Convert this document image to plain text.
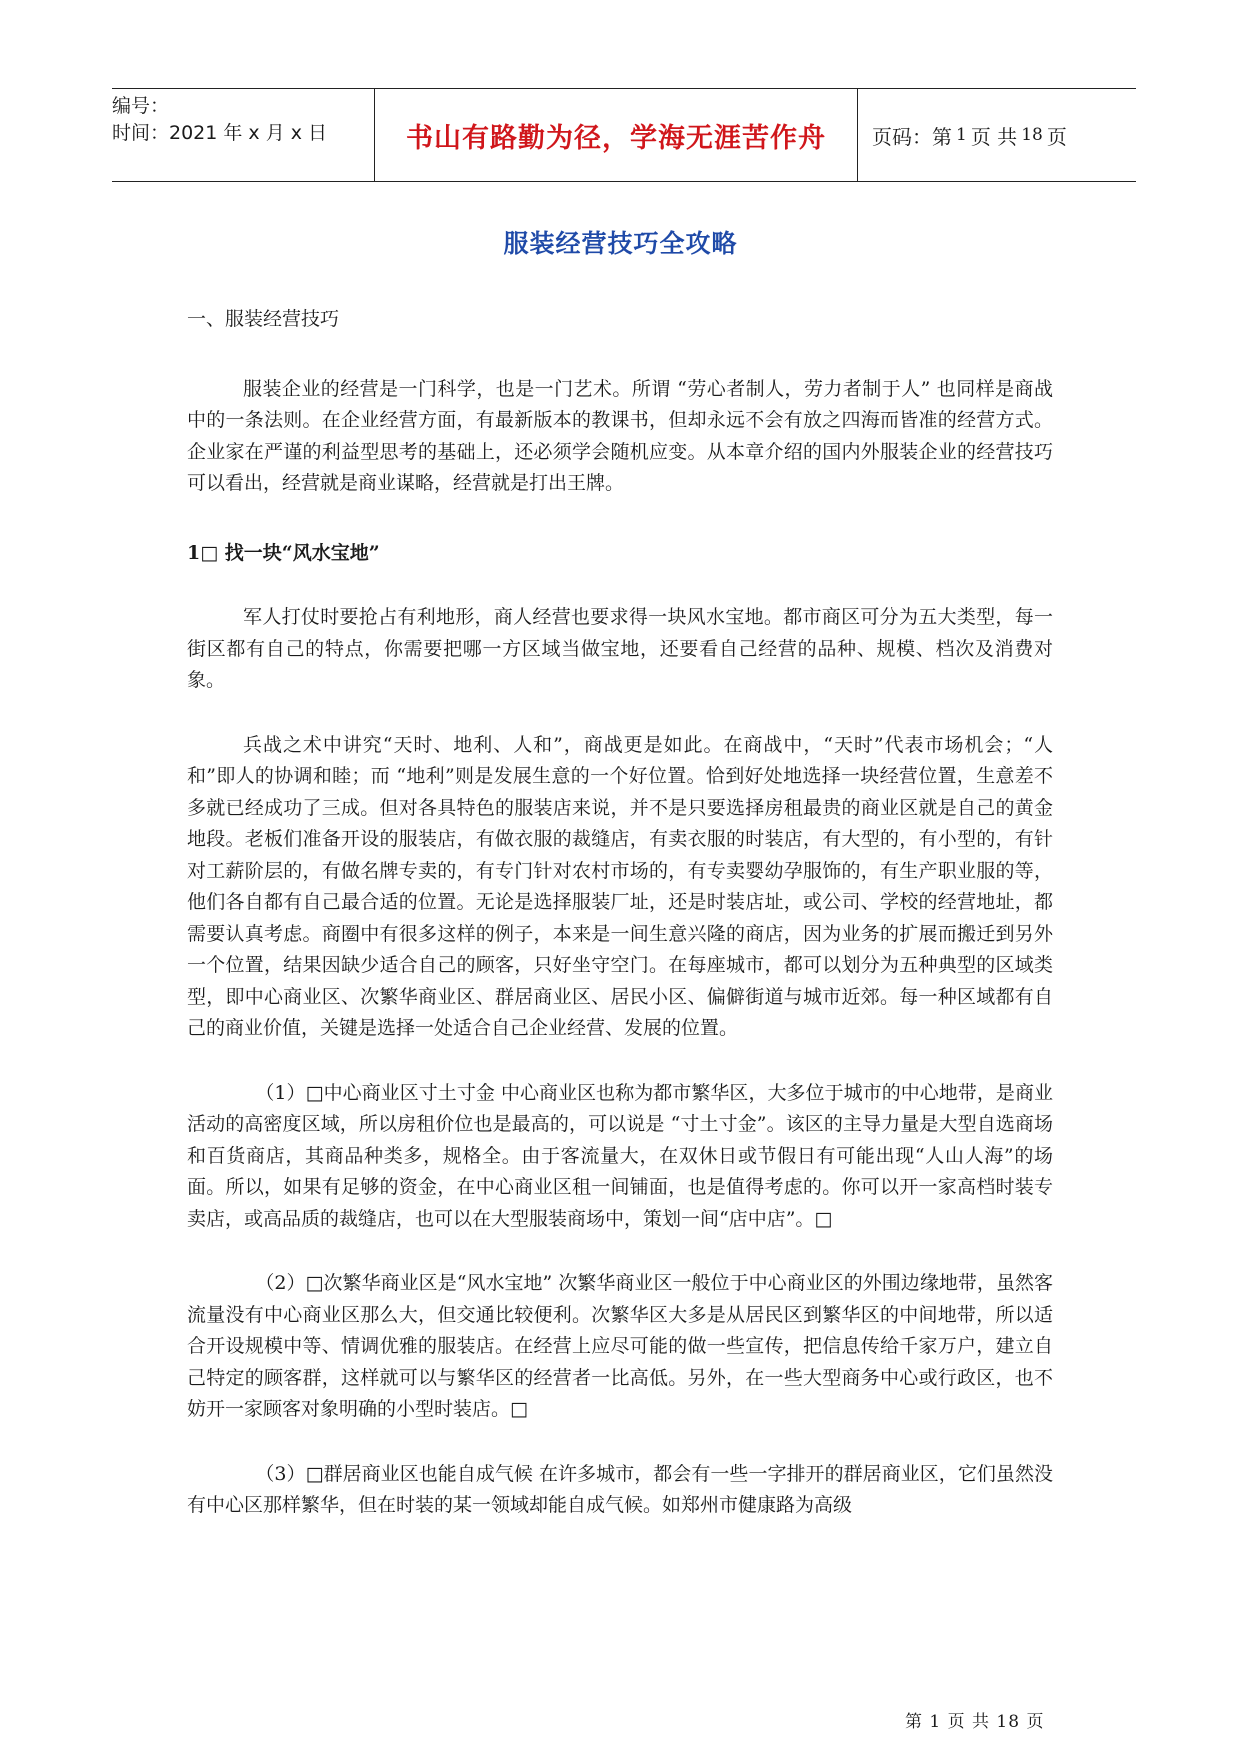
编号：
时间：2021 年 x 月 x 日	书山有路勤为径，学海无涯苦作舟	页码：第 1 页 共 18 页
服装经营技巧全攻略

一、服装经营技巧

服装企业的经营是一门科学，也是一门艺术。所谓 “劳心者制人，劳力者制于人” 也同样是商战中的一条法则。在企业经营方面，有最新版本的教课书，但却永远不会有放之四海而皆准的经营方式。企业家在严谨的利益型思考的基础上，还必须学会随机应变。从本章介绍的国内外服装企业的经营技巧可以看出，经营就是商业谋略，经营就是打出王牌。

1□ 找一块“风水宝地”

军人打仗时要抢占有利地形，商人经营也要求得一块风水宝地。都市商区可分为五大类型，每一街区都有自己的特点，你需要把哪一方区域当做宝地，还要看自己经营的品种、规模、档次及消费对象。

兵战之术中讲究“天时、地利、人和”，商战更是如此。在商战中，“天时”代表市场机会；“人和”即人的协调和睦；而 “地利”则是发展生意的一个好位置。恰到好处地选择一块经营位置，生意差不多就已经成功了三成。但对各具特色的服装店来说，并不是只要选择房租最贵的商业区就是自己的黄金地段。老板们准备开设的服装店，有做衣服的裁缝店，有卖衣服的时装店，有大型的，有小型的，有针对工薪阶层的，有做名牌专卖的，有专门针对农村市场的，有专卖婴幼孕服饰的，有生产职业服的等，他们各自都有自己最合适的位置。无论是选择服装厂址，还是时装店址，或公司、学校的经营地址，都需要认真考虑。商圈中有很多这样的例子，本来是一间生意兴隆的商店，因为业务的扩展而搬迁到另外一个位置，结果因缺少适合自己的顾客，只好坐守空门。在每座城市，都可以划分为五种典型的区域类型，即中心商业区、次繁华商业区、群居商业区、居民小区、偏僻街道与城市近郊。每一种区域都有自己的商业价值，关键是选择一处适合自己企业经营、发展的位置。

（1）□中心商业区寸土寸金 中心商业区也称为都市繁华区，大多位于城市的中心地带，是商业活动的高密度区域，所以房租价位也是最高的，可以说是 “寸土寸金”。该区的主导力量是大型自选商场和百货商店，其商品种类多，规格全。由于客流量大，在双休日或节假日有可能出现“人山人海”的场面。所以，如果有足够的资金，在中心商业区租一间铺面，也是值得考虑的。你可以开一家高档时装专卖店，或高品质的裁缝店，也可以在大型服装商场中，策划一间“店中店”。□

（2）□次繁华商业区是“风水宝地” 次繁华商业区一般位于中心商业区的外围边缘地带，虽然客流量没有中心商业区那么大，但交通比较便利。次繁华区大多是从居民区到繁华区的中间地带，所以适合开设规模中等、情调优雅的服装店。在经营上应尽可能的做一些宣传，把信息传给千家万户，建立自己特定的顾客群，这样就可以与繁华区的经营者一比高低。另外，在一些大型商务中心或行政区，也不妨开一家顾客对象明确的小型时装店。□

（3）□群居商业区也能自成气候 在许多城市，都会有一些一字排开的群居商业区，它们虽然没有中心区那样繁华，但在时装的某一领域却能自成气候。如郑州市健康路为高级

第 1 页 共 18 页
